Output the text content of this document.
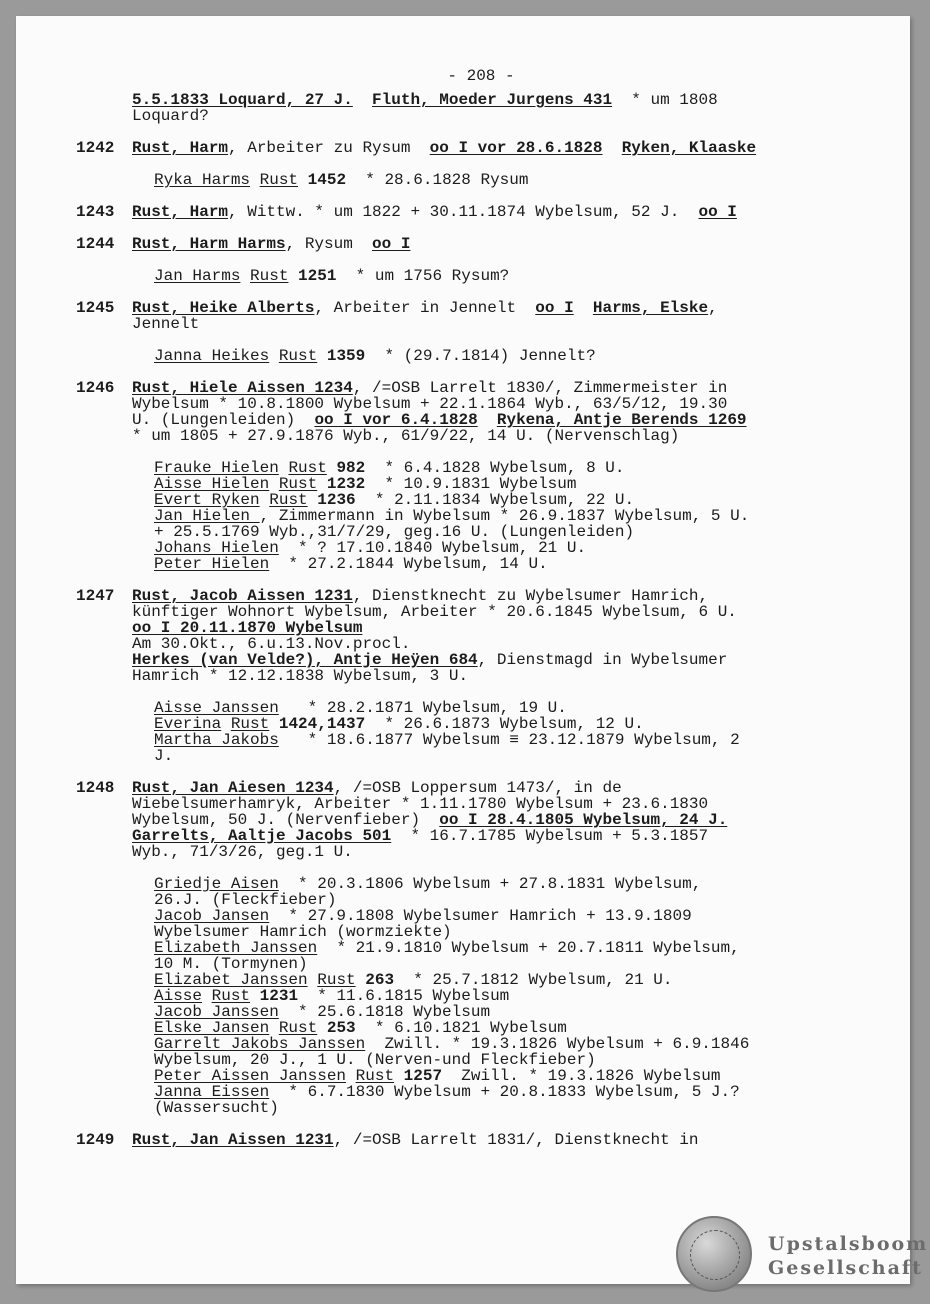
- 208 -
5.5.1833 Loquard, 27 J. Fluth, Moeder Jurgens 431 * um 1808
Loquard?
1242 Rust, Harm, Arbeiter zu Rysum oo I vor 28.6.1828 Ryken, Klaaske
Ryka Harms Rust 1452 * 28.6.1828 Rysum
1243 Rust, Harm, Wittw. * um 1822 + 30.11.1874 Wybelsum, 52 J. oo I
1244 Rust, Harm Harms, Rysum oo I
Jan Harms Rust 1251 * um 1756 Rysum?
1245 Rust, Heike Alberts, Arbeiter in Jennelt oo I Harms, Elske,
Jennelt
Janna Heikes Rust 1359 * (29.7.1814) Jennelt?
1246 Rust, Hiele Aissen 1234, /=OSB Larrelt 1830/, Zimmermeister in
Wybelsum * 10.8.1800 Wybelsum + 22.1.1864 Wyb., 63/5/12, 19.30
U. (Lungenleiden) oo I vor 6.4.1828 Rykena, Antje Berends 1269
* um 1805 + 27.9.1876 Wyb., 61/9/22, 14 U. (Nervenschlag)
Frauke Hielen Rust 982 * 6.4.1828 Wybelsum, 8 U.
Aisse Hielen Rust 1232 * 10.9.1831 Wybelsum
Evert Ryken Rust 1236 * 2.11.1834 Wybelsum, 22 U.
Jan Hielen , Zimmermann in Wybelsum * 26.9.1837 Wybelsum, 5 U.
+ 25.5.1769 Wyb.,31/7/29, geg.16 U. (Lungenleiden)
Johans Hielen * ? 17.10.1840 Wybelsum, 21 U.
Peter Hielen * 27.2.1844 Wybelsum, 14 U.
1247 Rust, Jacob Aissen 1231, Dienstknecht zu Wybelsumer Hamrich,
künftiger Wohnort Wybelsum, Arbeiter * 20.6.1845 Wybelsum, 6 U.
oo I 20.11.1870 Wybelsum
Am 30.Okt., 6.u.13.Nov.procl.
Herkes (van Velde?), Antje Heÿen 684, Dienstmagd in Wybelsumer
Hamrich * 12.12.1838 Wybelsum, 3 U.
Aisse Janssen * 28.2.1871 Wybelsum, 19 U.
Everina Rust 1424,1437 * 26.6.1873 Wybelsum, 12 U.
Martha Jakobs * 18.6.1877 Wybelsum ≡ 23.12.1879 Wybelsum, 2
J.
1248 Rust, Jan Aiesen 1234, /=OSB Loppersum 1473/, in de
Wiebelsumerhamryk, Arbeiter * 1.11.1780 Wybelsum + 23.6.1830
Wybelsum, 50 J. (Nervenfieber) oo I 28.4.1805 Wybelsum, 24 J.
Garrelts, Aaltje Jacobs 501 * 16.7.1785 Wybelsum + 5.3.1857
Wyb., 71/3/26, geg.1 U.
Griedje Aisen * 20.3.1806 Wybelsum + 27.8.1831 Wybelsum,
26.J. (Fleckfieber)
Jacob Jansen * 27.9.1808 Wybelsumer Hamrich + 13.9.1809
Wybelsumer Hamrich (wormziekte)
Elizabeth Janssen * 21.9.1810 Wybelsum + 20.7.1811 Wybelsum,
10 M. (Tormynen)
Elizabet Janssen Rust 263 * 25.7.1812 Wybelsum, 21 U.
Aisse Rust 1231 * 11.6.1815 Wybelsum
Jacob Janssen * 25.6.1818 Wybelsum
Elske Jansen Rust 253 * 6.10.1821 Wybelsum
Garrelt Jakobs Janssen Zwill. * 19.3.1826 Wybelsum + 6.9.1846
Wybelsum, 20 J., 1 U. (Nerven-und Fleckfieber)
Peter Aissen Janssen Rust 1257 Zwill. * 19.3.1826 Wybelsum
Janna Eissen * 6.7.1830 Wybelsum + 20.8.1833 Wybelsum, 5 J.?
(Wassersucht)
1249 Rust, Jan Aissen 1231, /=OSB Larrelt 1831/, Dienstknecht in
Upstalsboom
Gesellschaft
